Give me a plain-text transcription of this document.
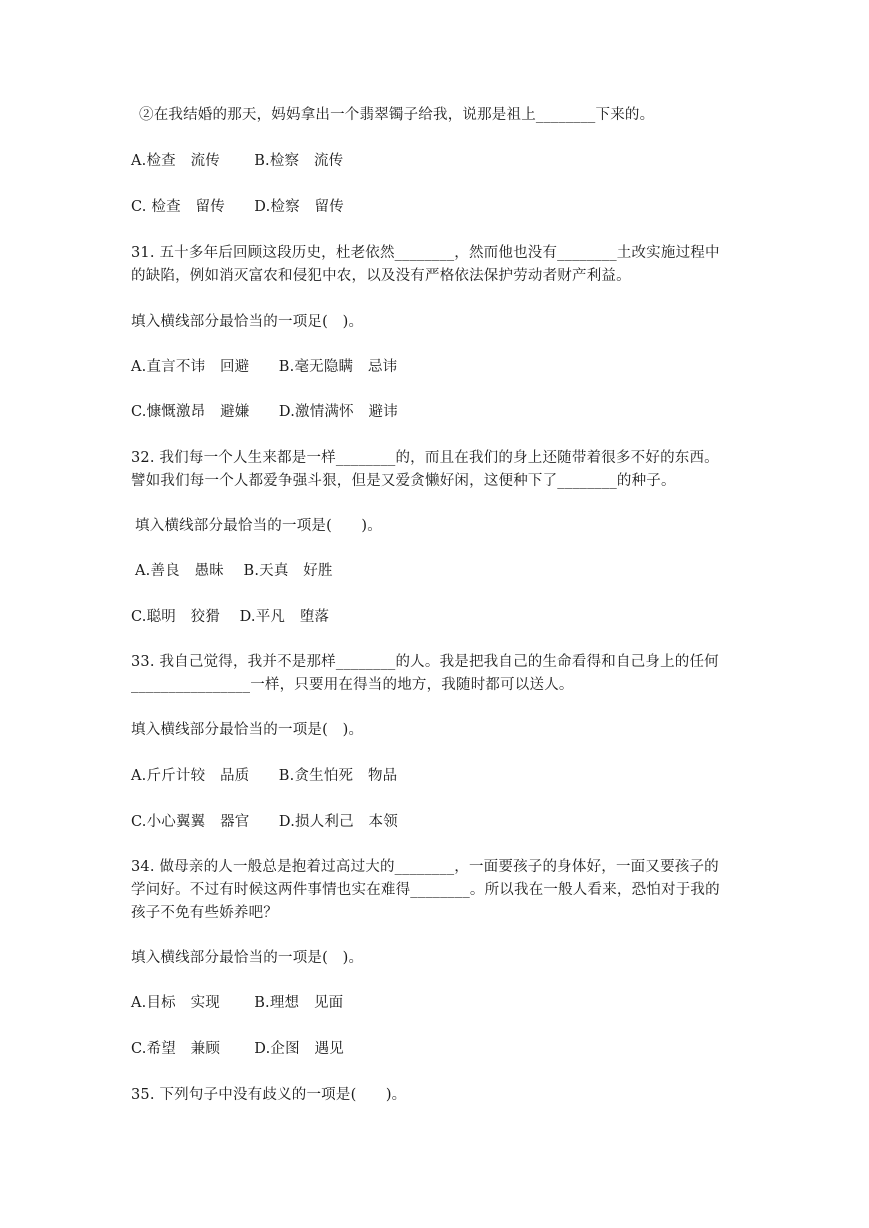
②在我结婚的那天，妈妈拿出一个翡翠镯子给我，说那是祖上________下来的。
A.检查　流传　　 B.检察　流传
C. 检查　留传　　D.检察　留传
31. 五十多年后回顾这段历史，杜老依然________，然而他也没有________土改实施过程中
的缺陷，例如消灭富农和侵犯中农，以及没有严格依法保护劳动者财产利益。
填入横线部分最恰当的一项足(　)。
A.直言不讳　回避　　B.毫无隐瞒　忌讳
C.慷慨激昂　避嫌　　D.激情满怀　避讳
32. 我们每一个人生来都是一样________的，而且在我们的身上还随带着很多不好的东西。
譬如我们每一个人都爱争强斗狠，但是又爱贪懒好闲，这便种下了________的种子。
填入横线部分最恰当的一项是(　　)。
A.善良　愚昧　 B.天真　好胜
C.聪明　狡猾　 D.平凡　堕落
33. 我自己觉得，我并不是那样________的人。我是把我自己的生命看得和自己身上的任何
________________一样，只要用在得当的地方，我随时都可以送人。
填入横线部分最恰当的一项是(　)。
A.斤斤计较　品质　　B.贪生怕死　物品
C.小心翼翼　器官　　D.损人利己　本领
34. 做母亲的人一般总是抱着过高过大的________，一面要孩子的身体好，一面又要孩子的
学问好。不过有时候这两件事情也实在难得________。所以我在一般人看来，恐怕对于我的
孩子不免有些娇养吧？
填入横线部分最恰当的一项是(　)。
A.目标　实现　　 B.理想　见面
C.希望　兼顾　　 D.企图　遇见
35. 下列句子中没有歧义的一项是(　　)。
